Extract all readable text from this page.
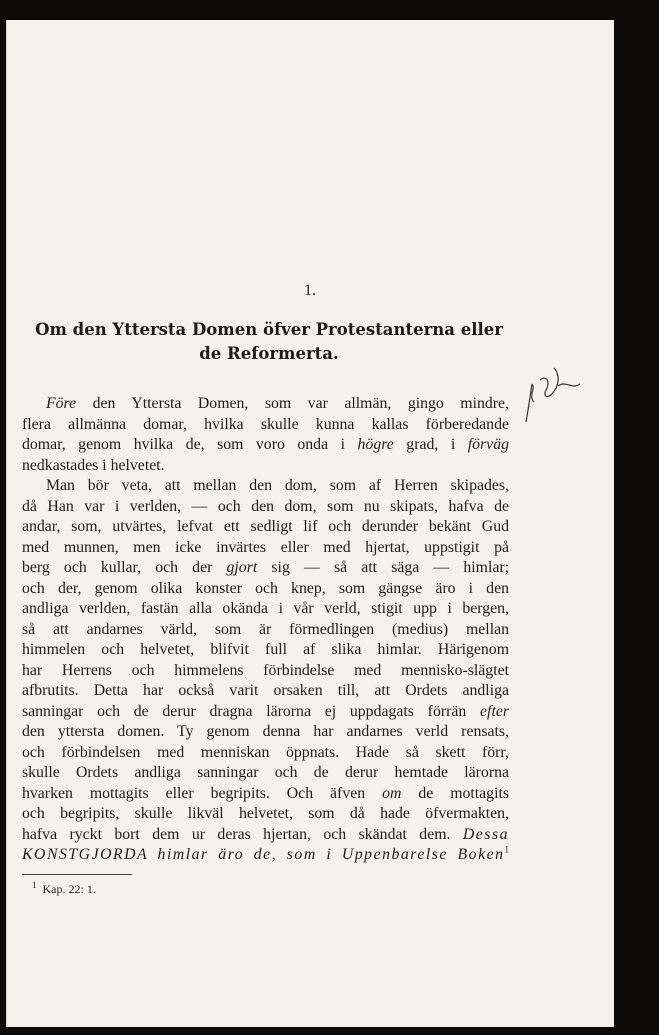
1.
Om den Yttersta Domen öfver Protestanterna eller
de Reformerta.

Före den Yttersta Domen, som var allmän, gingo mindre,
flera allmänna domar, hvilka skulle kunna kallas förberedande
domar, genom hvilka de, som voro onda i högre grad, i förväg
nedkastades i helvetet.

Man bör veta, att mellan den dom, som af Herren skipades,
då Han var i verlden, — och den dom, som nu skipats, hafva de
andar, som, utvärtes, lefvat ett sedligt lif och derunder bekänt Gud
med munnen, men icke invärtes eller med hjertat, uppstigit på
berg och kullar, och der gjort sig — så att säga — himlar;
och der, genom olika konster och knep, som gängse äro i den
andliga verlden, fastän alla okända i vår verld, stigit upp i bergen,
så att andarnes värld, som är förmedlingen (medius) mellan
himmelen och helvetet, blifvit full af slika himlar. Härigenom
har Herrens och himmelens förbindelse med mennisko-slägtet
afbrutits. Detta har också varit orsaken till, att Ordets andliga
sanningar och de derur dragna lärorna ej uppdagats förrän efter
den yttersta domen. Ty genom denna har andarnes verld rensats,
och förbindelsen med menniskan öppnats. Hade så skett förr,
skulle Ordets andliga sanningar och de derur hemtade lärorna
hvarken mottagits eller begripits. Och äfven om de mottagits
och begripits, skulle likväl helvetet, som då hade öfvermakten,
hafva ryckt bort dem ur deras hjertan, och skändat dem. Dessa
KONSTGJORDA himlar äro de, som i Uppenbarelse Boken$^1$

$^1$ Kap. 22: 1.
